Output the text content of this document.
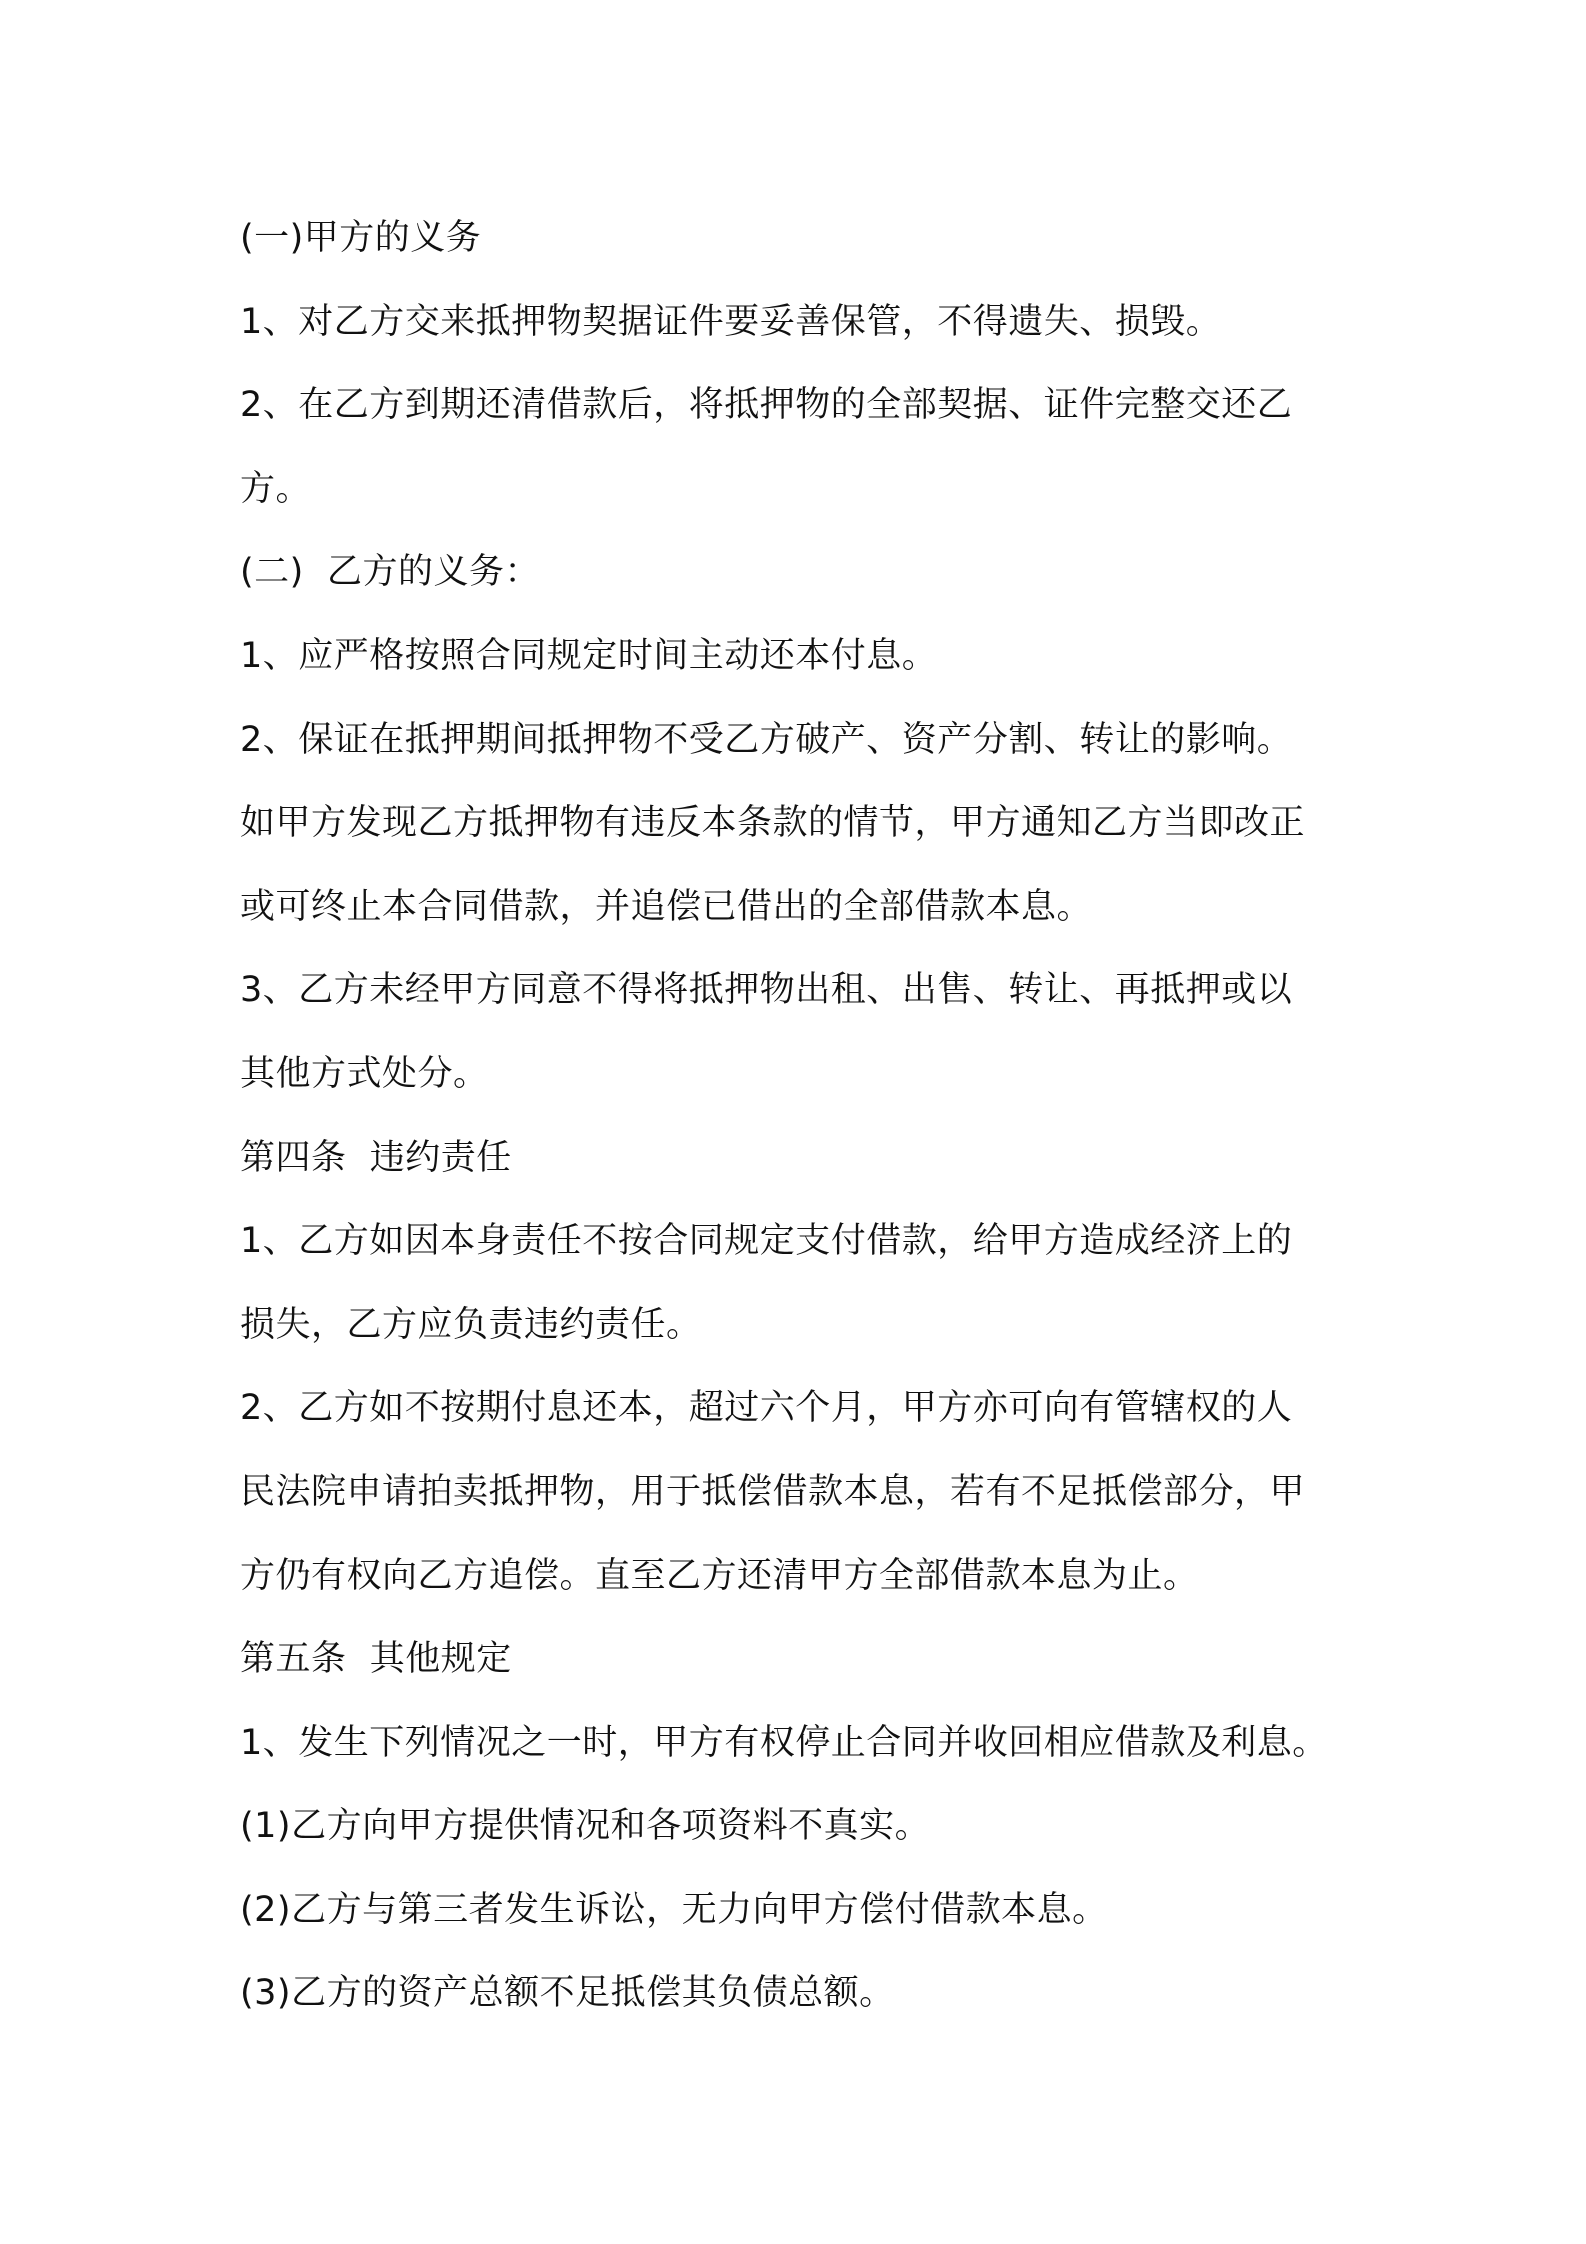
(一)甲方的义务

1、对乙方交来抵押物契据证件要妥善保管，不得遗失、损毁。

2、在乙方到期还清借款后，将抵押物的全部契据、证件完整交还乙

方。

(二)  乙方的义务：

1、应严格按照合同规定时间主动还本付息。

2、保证在抵押期间抵押物不受乙方破产、资产分割、转让的影响。

如甲方发现乙方抵押物有违反本条款的情节，甲方通知乙方当即改正

或可终止本合同借款，并追偿已借出的全部借款本息。

3、乙方未经甲方同意不得将抵押物出租、出售、转让、再抵押或以

其他方式处分。

第四条  违约责任

1、乙方如因本身责任不按合同规定支付借款，给甲方造成经济上的

损失，乙方应负责违约责任。

2、乙方如不按期付息还本，超过六个月，甲方亦可向有管辖权的人

民法院申请拍卖抵押物，用于抵偿借款本息，若有不足抵偿部分，甲

方仍有权向乙方追偿。直至乙方还清甲方全部借款本息为止。

第五条  其他规定

1、发生下列情况之一时，甲方有权停止合同并收回相应借款及利息。

(1)乙方向甲方提供情况和各项资料不真实。

(2)乙方与第三者发生诉讼，无力向甲方偿付借款本息。

(3)乙方的资产总额不足抵偿其负债总额。
